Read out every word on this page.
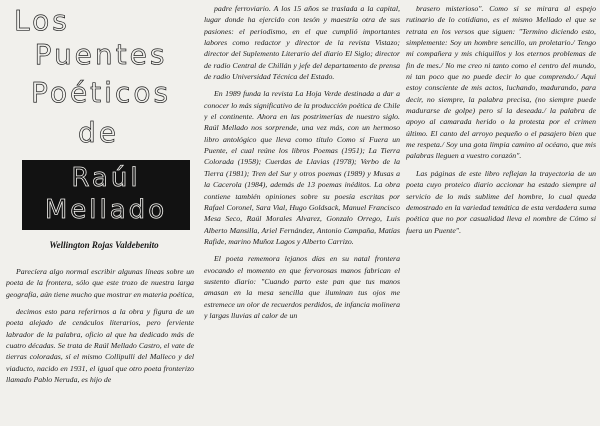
Los
Puentes
Poéticos
de
Raúl
Mellado
Wellington Rojas Valdebenito

Parecíera algo normal escribir algunas líneas sobre un poeta de la frontera, sólo que este trozo de nuestra larga geografía, aún tiene mucho que mostrar en materia poética,

decimos esto para referirnos a la obra y figura de un poeta alejado de cenáculos literarios, pero ferviente labrador de la palabra, oficio al que ha dedicado más de cuatro décadas. Se trata de Raúl Mellado Castro, el vate de tierras coloradas, sí el mismo Collipulli del Malleco y del viaducto, nacido en 1931, el igual que otro poeta fronterizo llamado Pablo Neruda, es hijo de

padre ferroviario. A los 15 años se traslada a la capital, lugar donde ha ejercido con tesón y maestría otra de sus pasiones: el periodismo, en el que cumplió importantes labores como redactor y director de la revista Vistazo; director del Suplemento Literario del diario El Siglo; director de radio Central de Chillán y jefe del departamento de prensa de radio Universidad Técnica del Estado.

En 1989 funda la revista La Hoja Verde destinada a dar a conocer lo más significativo de la producción poética de Chile y el continente. Ahora en las postrimerías de nuestro siglo. Raúl Mellado nos sorprende, una vez más, con un hermoso libro antológico que lleva como título Como si Fuera un Puente, el cual reúne los libros Poemas (1951); La Tierra Colorada (1958); Cuerdas de Llavias (1978); Verbo de la Tierra (1981); Tren del Sur y otros poemas (1989) y Musas a la Cacerola (1984), además de 13 poemas inéditos. La obra contiene también opiniones sobre su poesía escritas por Rafael Coronel, Sara Vial, Hugo Goldsack, Manuel Francisco Mesa Seco, Raúl Morales Alvarez, Gonzalo Orrego, Luis Alberto Mansilla, Ariel Fernández, Antonio Campaña, Matías Rafide, marino Muñoz Lagos y Alberto Carrizo.

El poeta rememora lejanos días en su natal frontera evocando el momento en que fervorosas manos fabrican el sustento diario: "Cuando parto este pan que tus manos amasan en la mesa sencilla que iluminan tus ojos me estremece un olor de recuerdos perdidos, de infancia molinera y largas lluvias al calor de un

brasero misterioso". Como si se mirara al espejo rutinario de lo cotidiano, es el mismo Mellado el que se retrata en los versos que siguen: "Termino diciendo esto, simplemente: Soy un hombre sencillo, un proletario./ Tengo mi compañera y mis chiquillos y los eternos problemas de fin de mes./ No me creo ni tanto como el centro del mundo, ni tan poco que no puede decir lo que comprendo./ Aquí estoy consciente de mis actos, luchando, madurando, para decir, no siempre, la palabra precisa, (no siempre puede madurarse de golpe) pero sí la deseada./ la palabra de apoyo al camarada herido o la protesta por el crimen último. El canto del arroyo pequeño o el pasajero bien que me respeta./ Soy una gota limpia camino al océano, que mis palabras lleguen a vuestro corazón".

Las páginas de este libro reflejan la trayectoria de un poeta cuyo proteico diario accionar ha estado siempre al servicio de lo más sublime del hombre, lo cual queda demostrado en la variedad temática de esta verdadera suma poética que no por casualidad lleva el nombre de Cómo si fuera un Puente".
